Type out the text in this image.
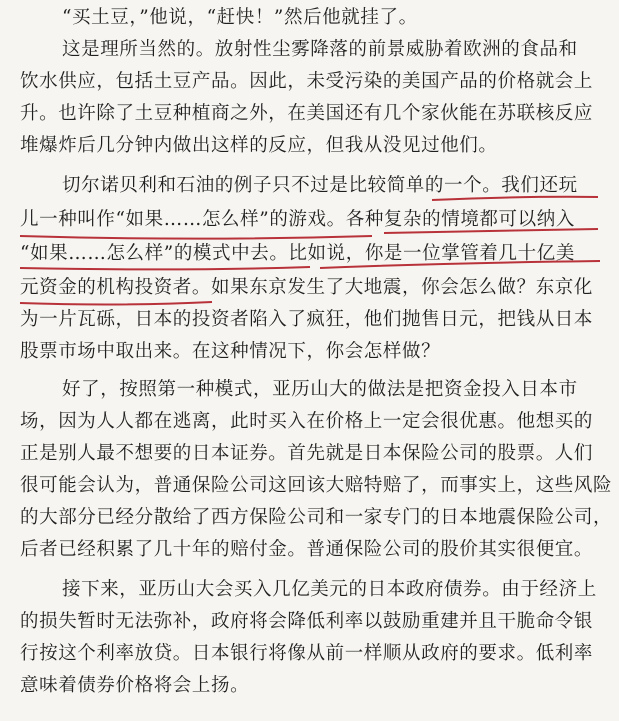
“买土豆，”他说，“赶快！”然后他就挂了。
这是理所当然的。放射性尘雾降落的前景威胁着欧洲的食品和
饮水供应，包括土豆产品。因此，未受污染的美国产品的价格就会上
升。也许除了土豆种植商之外，在美国还有几个家伙能在苏联核反应
堆爆炸后几分钟内做出这样的反应，但我从没见过他们。
切尔诺贝利和石油的例子只不过是比较简单的一个。我们还玩
儿一种叫作“如果……怎么样”的游戏。各种复杂的情境都可以纳入
“如果……怎么样”的模式中去。比如说，你是一位掌管着几十亿美
元资金的机构投资者。如果东京发生了大地震，你会怎么做？东京化
为一片瓦砾，日本的投资者陷入了疯狂，他们抛售日元，把钱从日本
股票市场中取出来。在这种情况下，你会怎样做？
好了，按照第一种模式，亚历山大的做法是把资金投入日本市
场，因为人人都在逃离，此时买入在价格上一定会很优惠。他想买的
正是别人最不想要的日本证券。首先就是日本保险公司的股票。人们
很可能会认为，普通保险公司这回该大赔特赔了，而事实上，这些风险
的大部分已经分散给了西方保险公司和一家专门的日本地震保险公司，
后者已经积累了几十年的赔付金。普通保险公司的股价其实很便宜。
接下来，亚历山大会买入几亿美元的日本政府债券。由于经济上
的损失暂时无法弥补，政府将会降低利率以鼓励重建并且干脆命令银
行按这个利率放贷。日本银行将像从前一样顺从政府的要求。低利率
意味着债券价格将会上扬。
